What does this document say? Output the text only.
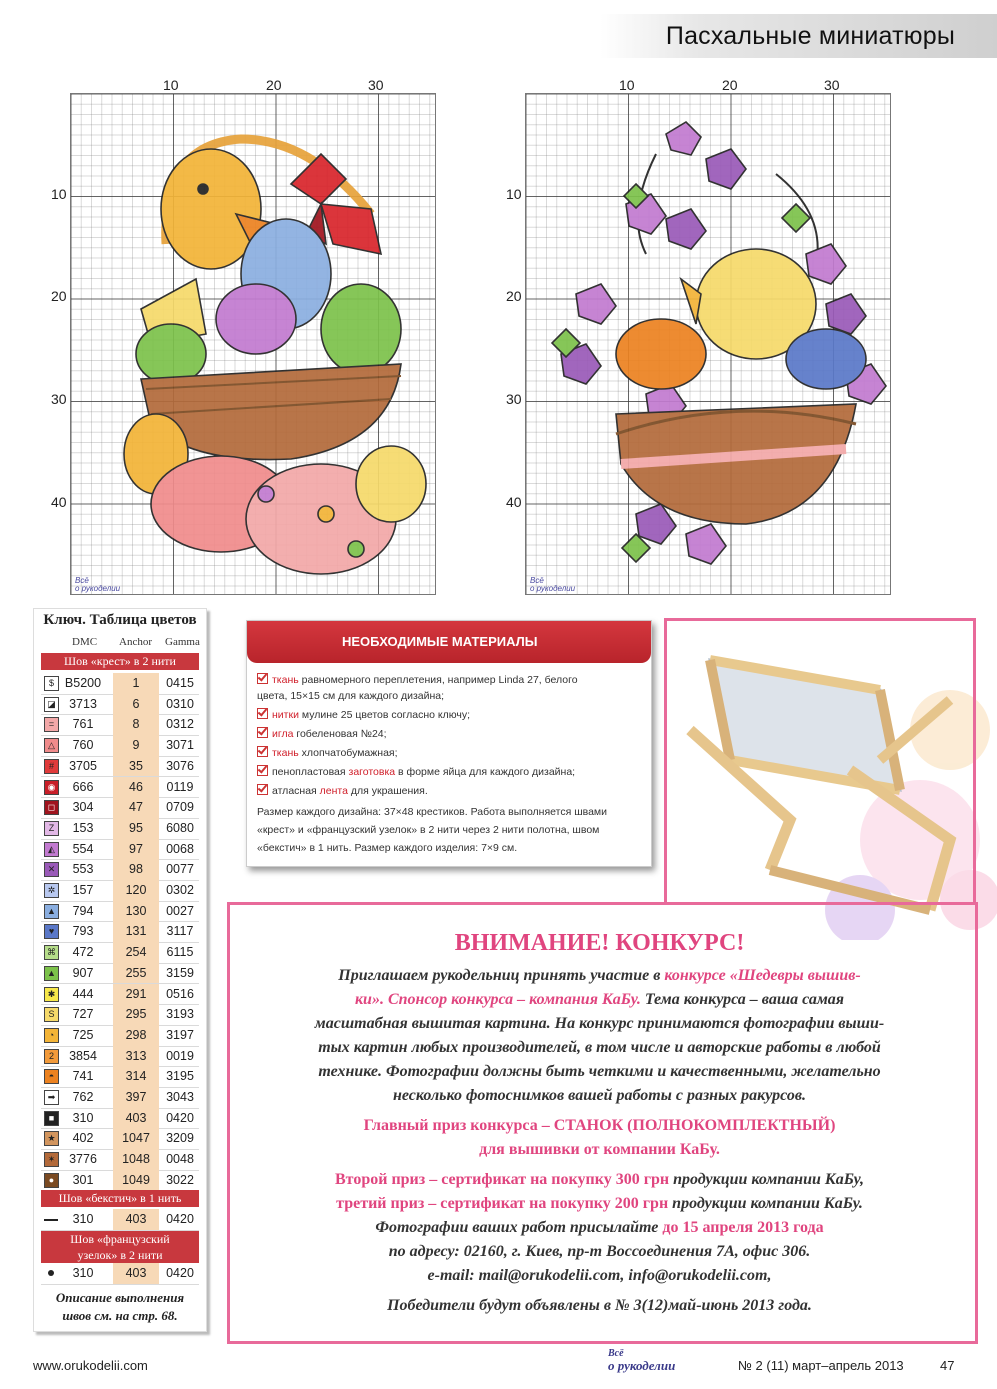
Пасхальные миниатюры
10	20	30
10
20
30
40
Всё
о рукоделии
10	20	30
10
20
30
40
Всё
о рукоделии
Ключ. Таблица цветов
DMC Anchor Gamma
Шов «крест» в 2 нити
$ B5200	1	0415
◪	3713	6	0310
=	761	8	0312
△	760	9	3071
#	3705	35	3076
◉	666	46	0119
◻	304	47	0709
Z	153	95	6080
◭	554	97	0068
✕	553	98	0077
✲	157	120	0302
▲	794	130	0027
♥	793	131	3117
⌘	472	254	6115
▲	907	255	3159
✱	444	291	0516
S	727	295	3193
◔	725	298	3197
2	3854	313	0019
◓	741	314	3195
➡	762	397	3043
■	310	403	0420
★	402	1047	3209
✶	3776	1048	0048
●	301	1049	3022
Шов «бекстич» в 1 нить
310	403	0420
Шов «французский
узелок» в 2 нити
310	403	0420
Описание выполнения
швов см. на стр. 68.
НЕОБХОДИМЫЕ МАТЕРИАЛЫ
ткань равномерного переплетения, например Linda 27, белого
цвета, 15×15 см для каждого дизайна;
нитки мулине 25 цветов согласно ключу;
игла гобеленовая №24;
ткань хлопчатобумажная;
пенопластовая заготовка в форме яйца для каждого дизайна;
атласная лента для украшения.
Размер каждого дизайна: 37×48 крестиков. Работа выполняется швами
«крест» и «французский узелок» в 2 нити через 2 нити полотна, швом
«бекстич» в 1 нить. Размер каждого изделия: 7×9 см.
ВНИМАНИЕ! КОНКУРС!
Приглашаем рукодельниц принять участие в конкурсе «Шедевры вышив-
ки». Спонсор конкурса – компания КаБу. Тема конкурса – ваша самая
масштабная вышитая картина. На конкурс принимаются фотографии выши-
тых картин любых производителей, в том числе и авторские работы в любой
технике. Фотографии должны быть четкими и качественными, желательно
несколько фотоснимков вашей работы с разных ракурсов.
Главный приз конкурса – СТАНОК (ПОЛНОКОМПЛЕКТНЫЙ)
для вышивки от компании КаБу.
Второй приз – сертификат на покупку 300 грн продукции компании КаБу,
третий приз – сертификат на покупку 200 грн продукции компании КаБу.
Фотографии ваших работ присылайте до 15 апреля 2013 года
по адресу: 02160, г. Киев, пр-т Воссоединения 7А, офис 306.
e-mail: mail@orukodelii.com, info@orukodelii.com,
Победители будут объявлены в № 3(12)май-июнь 2013 года.
www.orukodelii.com
Всё
о рукоделии	№ 2 (11) март–апрель 2013	47
